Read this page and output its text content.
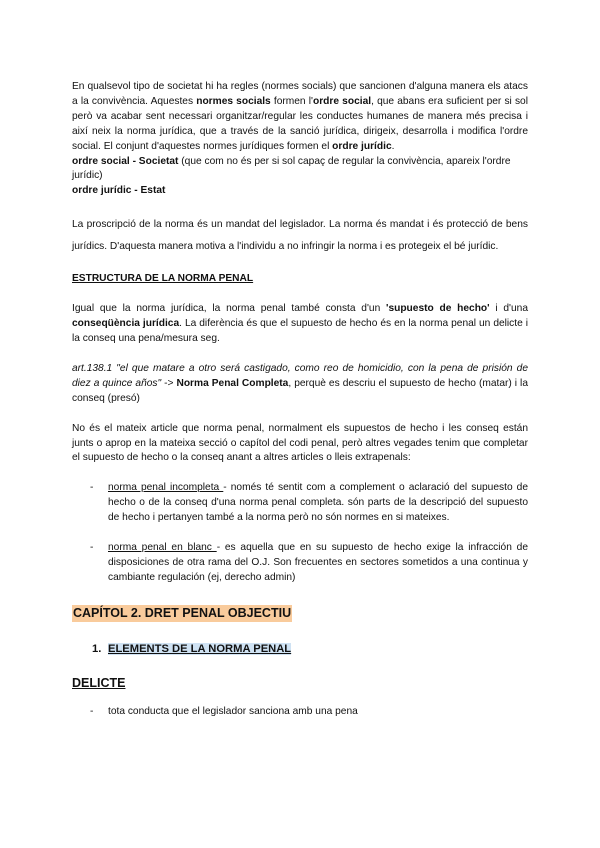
En qualsevol tipo de societat hi ha regles (normes socials) que sancionen d'alguna manera els atacs a la convivència. Aquestes normes socials formen l'ordre social, que abans era suficient per si sol però va acabar sent necessari organitzar/regular les conductes humanes de manera més precisa i així neix la norma jurídica, que a través de la sanció jurídica, dirigeix, desarrolla i modifica l'ordre social. El conjunt d'aquestes normes jurídiques formen el ordre jurídic.

ordre social - Societat (que com no és per si sol capaç de regular la convivència, apareix l'ordre jurídic)

ordre jurídic - Estat

La proscripció de la norma és un mandat del legislador. La norma és mandat i és protecció de bens jurídics. D'aquesta manera motiva a l'individu a no infringir la norma i es protegeix el bé jurídic.

ESTRUCTURA DE LA NORMA PENAL

Igual que la norma jurídica, la norma penal també consta d'un 'supuesto de hecho' i d'una conseqüència jurídica. La diferència és que el supuesto de hecho és en la norma penal un delicte i la conseq una pena/mesura seg.

art.138.1 "el que matare a otro será castigado, como reo de homicidio, con la pena de prisión de diez a quince años" -> Norma Penal Completa, perquè es descriu el supuesto de hecho (matar) i la conseq (presó)

No és el mateix article que norma penal, normalment els supuestos de hecho i les conseq están junts o aprop en la mateixa secció o capítol del codi penal, però altres vegades tenim que completar el supuesto de hecho o la conseq anant a altres articles o lleis extrapenals:

- norma penal incompleta - només té sentit com a complement o aclaració del supuesto de hecho o de la conseq d'una norma penal completa. són parts de la descripció del supuesto de hecho i pertanyen també a la norma però no són normes en si mateixes.
- norma penal en blanc - es aquella que en su supuesto de hecho exige la infracción de disposiciones de otra rama del O.J. Son frecuentes en sectores sometidos a una continua y cambiante regulación (ej, derecho admin)

CAPÍTOL 2. DRET PENAL OBJECTIU

1. ELEMENTS DE LA NORMA PENAL

DELICTE

- tota conducta que el legislador sanciona amb una pena
